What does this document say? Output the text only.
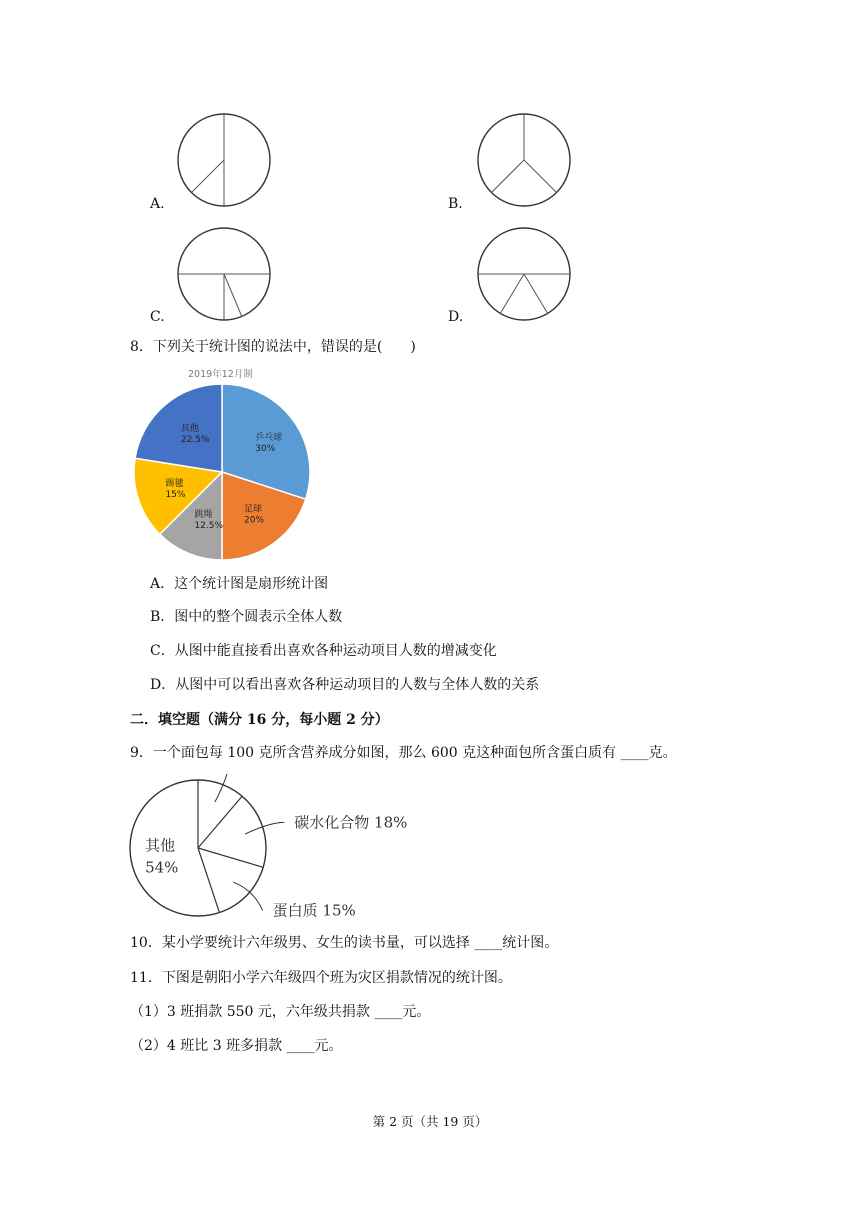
A.	B.
C.	D.
8．下列关于统计图的说法中，错误的是(　　)
2019年12月制
乒乓球
30%
足球
20%
跳绳
12.5%
踢毽
15%
其他
22.5%
A．这个统计图是扇形统计图
B．图中的整个圆表示全体人数
C．从图中能直接看出喜欢各种运动项目人数的增减变化
D．从图中可以看出喜欢各种运动项目的人数与全体人数的关系
二．填空题（满分 16 分，每小题 2 分）
9．一个面包每 100 克所含营养成分如图，那么 600 克这种面包所含蛋白质有 ____克。
碳水化合物 18%
蛋白质 15%
其他
54%
10．某小学要统计六年级男、女生的读书量，可以选择 ____统计图。
11．下图是朝阳小学六年级四个班为灾区捐款情况的统计图。
（1）3 班捐款 550 元，六年级共捐款 ____元。
（2）4 班比 3 班多捐款 ____元。
第 2 页（共 19 页）
